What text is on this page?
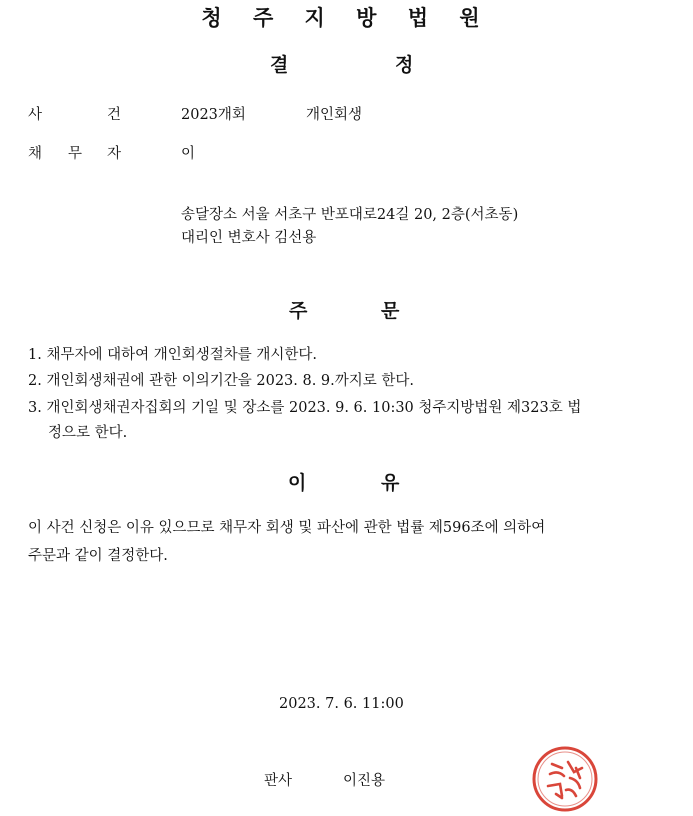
청 주 지 방 법 원
결	정
사	건	2023개회	개인회생
채 무 자	이
송달장소 서울 서초구 반포대로24길 20, 2층(서초동)
대리인 변호사 김선용
주	문
1. 채무자에 대하여 개인회생절차를 개시한다.
2. 개인회생채권에 관한 이의기간을 2023. 8. 9.까지로 한다.
3. 개인회생채권자집회의 기일 및 장소를 2023. 9. 6. 10:30 청주지방법원 제323호 법
정으로 한다.
이	유
이 사건 신청은 이유 있으므로 채무자 회생 및 파산에 관한 법률 제596조에 의하여
주문과 같이 결정한다.
2023. 7. 6. 11:00
판사	이진용
